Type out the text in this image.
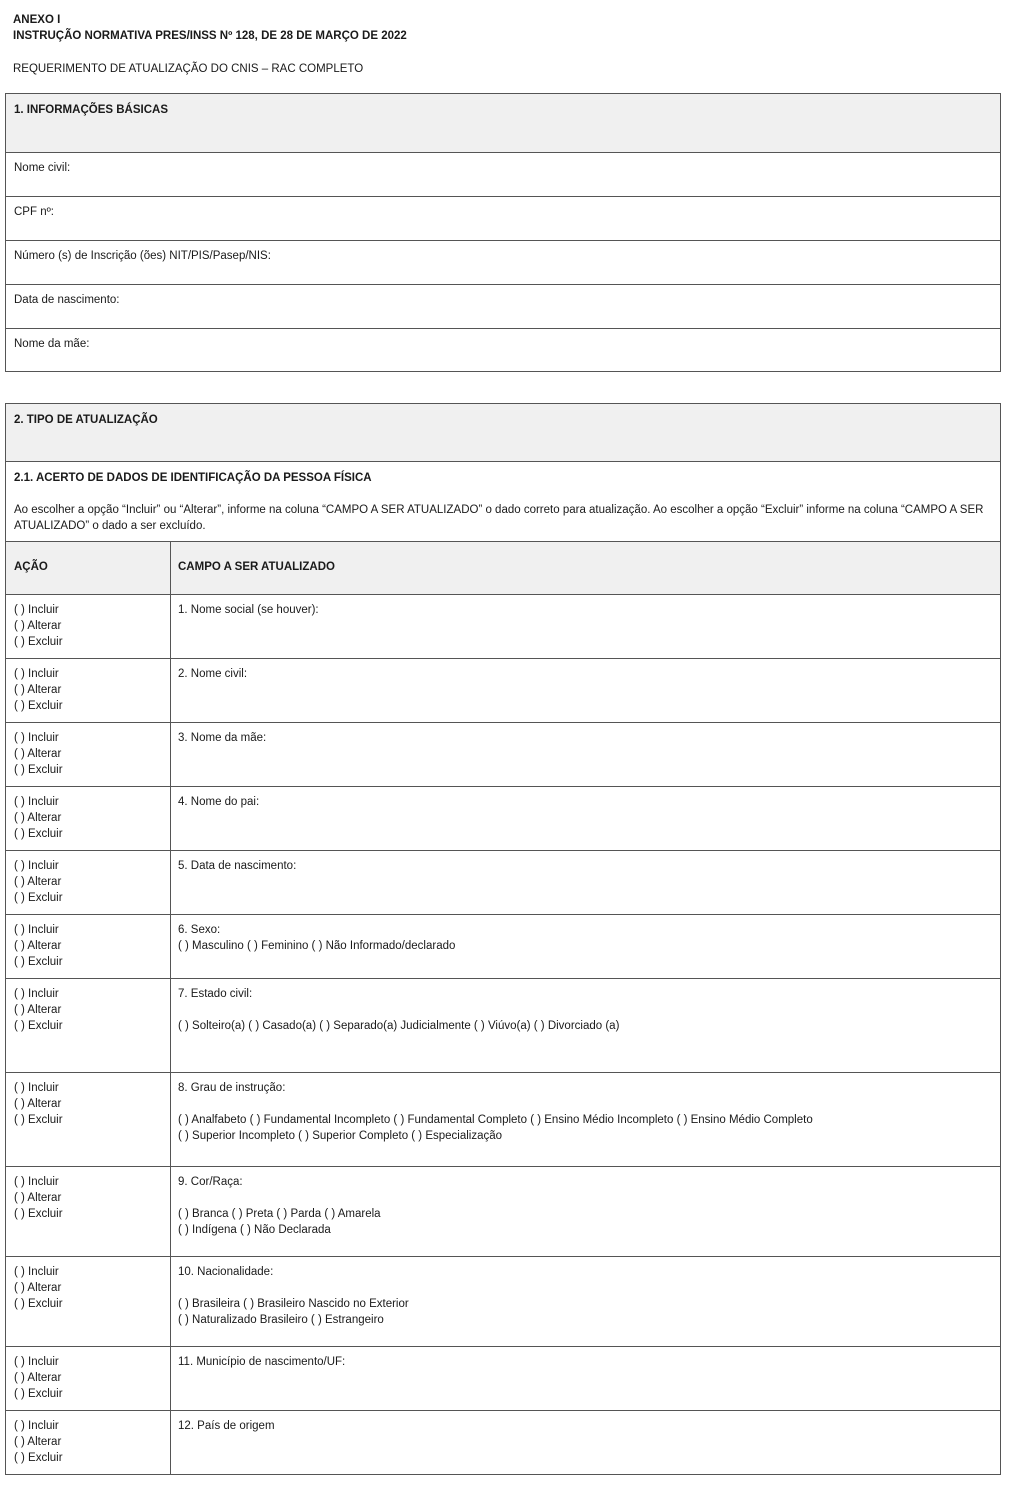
ANEXO I
INSTRUÇÃO NORMATIVA PRES/INSS Nº 128, DE 28 DE MARÇO DE 2022
REQUERIMENTO DE ATUALIZAÇÃO DO CNIS – RAC COMPLETO
1. INFORMAÇÕES BÁSICAS
Nome civil:
CPF nº:
Número (s) de Inscrição (ões) NIT/PIS/Pasep/NIS:
Data de nascimento:
Nome da mãe:
2. TIPO DE ATUALIZAÇÃO
2.1. ACERTO DE DADOS DE IDENTIFICAÇÃO DA PESSOA FÍSICA
Ao escolher a opção “Incluir” ou “Alterar”, informe na coluna “CAMPO A SER ATUALIZADO” o dado correto para atualização. Ao escolher a opção “Excluir” informe na coluna “CAMPO A SER ATUALIZADO” o dado a ser excluído.
AÇÃO	CAMPO A SER ATUALIZADO
( ) Incluir
( ) Alterar
( ) Excluir
1. Nome social (se houver):
( ) Incluir
( ) Alterar
( ) Excluir
2. Nome civil:
( ) Incluir
( ) Alterar
( ) Excluir
3. Nome da mãe:
( ) Incluir
( ) Alterar
( ) Excluir
4. Nome do pai:
( ) Incluir
( ) Alterar
( ) Excluir
5. Data de nascimento:
( ) Incluir
( ) Alterar
( ) Excluir
6. Sexo:
( ) Masculino ( ) Feminino ( ) Não Informado/declarado
( ) Incluir
( ) Alterar
( ) Excluir
7. Estado civil:
( ) Solteiro(a) ( ) Casado(a) ( ) Separado(a) Judicialmente ( ) Viúvo(a) ( ) Divorciado (a)
( ) Incluir
( ) Alterar
( ) Excluir
8. Grau de instrução:
( ) Analfabeto ( ) Fundamental Incompleto ( ) Fundamental Completo ( ) Ensino Médio Incompleto ( ) Ensino Médio Completo
( ) Superior Incompleto ( ) Superior Completo ( ) Especialização
( ) Incluir
( ) Alterar
( ) Excluir
9. Cor/Raça:
( ) Branca ( ) Preta ( ) Parda ( ) Amarela
( ) Indígena ( ) Não Declarada
( ) Incluir
( ) Alterar
( ) Excluir
10. Nacionalidade:
( ) Brasileira ( ) Brasileiro Nascido no Exterior
( ) Naturalizado Brasileiro ( ) Estrangeiro
( ) Incluir
( ) Alterar
( ) Excluir
11. Município de nascimento/UF:
( ) Incluir
( ) Alterar
( ) Excluir
12. País de origem
